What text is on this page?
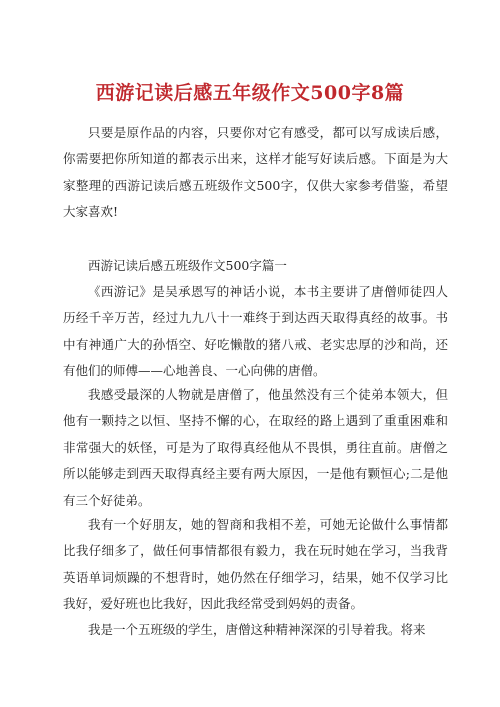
西游记读后感五年级作文500字8篇
只要是原作品的内容，只要你对它有感受，都可以写成读后感，你需要把你所知道的都表示出来，这样才能写好读后感。下面是为大家整理的西游记读后感五班级作文500字，仅供大家参考借鉴，希望大家喜欢!
西游记读后感五班级作文500字篇一
《西游记》是吴承恩写的神话小说，本书主要讲了唐僧师徒四人历经千辛万苦，经过九九八十一难终于到达西天取得真经的故事。书中有神通广大的孙悟空、好吃懒散的猪八戒、老实忠厚的沙和尚，还有他们的师傅——心地善良、一心向佛的唐僧。
我感受最深的人物就是唐僧了，他虽然没有三个徒弟本领大，但他有一颗持之以恒、坚持不懈的心，在取经的路上遇到了重重困难和非常强大的妖怪，可是为了取得真经他从不畏惧，勇往直前。唐僧之所以能够走到西天取得真经主要有两大原因，一是他有颗恒心;二是他有三个好徒弟。
我有一个好朋友，她的智商和我相不差，可她无论做什么事情都比我仔细多了，做任何事情都很有毅力，我在玩时她在学习，当我背英语单词烦躁的不想背时，她仍然在仔细学习，结果，她不仅学习比我好，爱好班也比我好，因此我经常受到妈妈的责备。
我是一个五班级的学生，唐僧这种精神深深的引导着我。将来
